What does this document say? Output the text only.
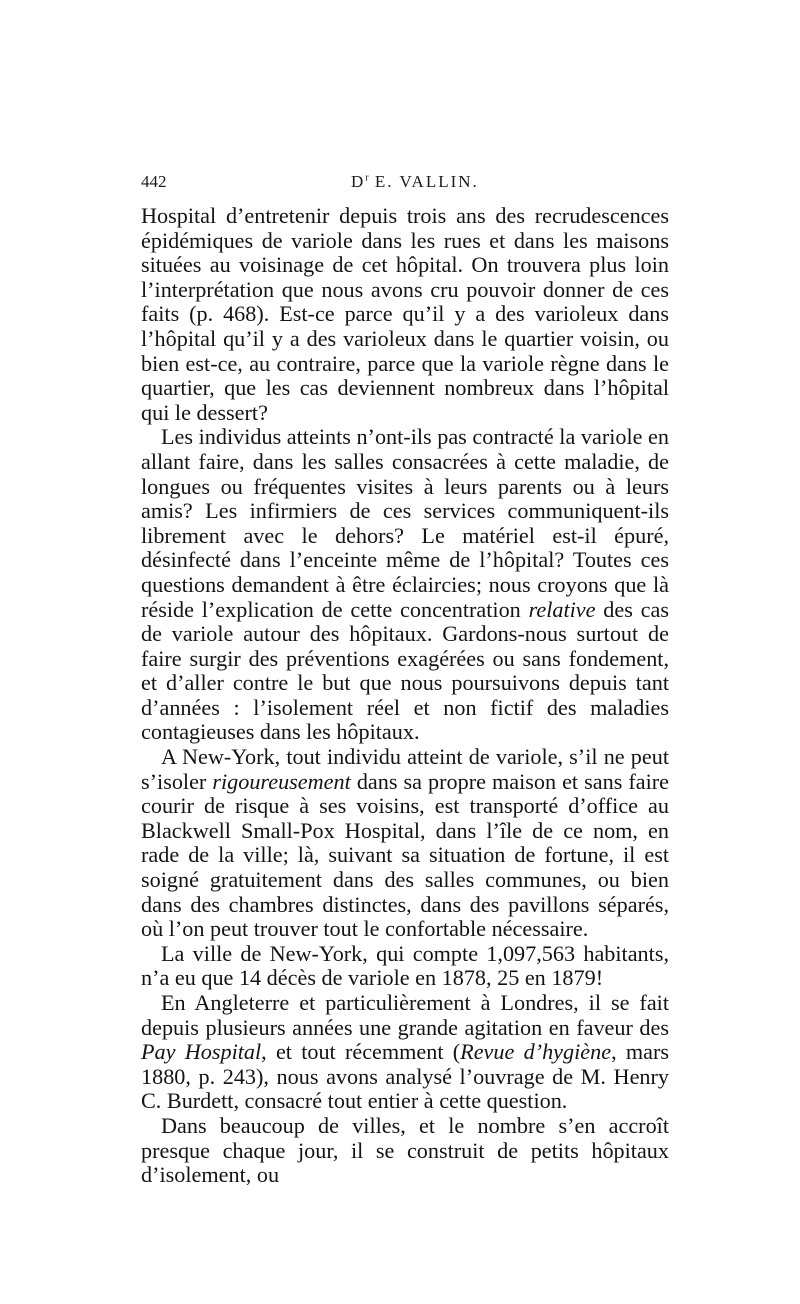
442	$D^r$ E. VALLIN.

Hospital d’entretenir depuis trois ans des recrudescences épidémiques de variole dans les rues et dans les maisons situées au voisinage de cet hôpital. On trouvera plus loin l’interprétation que nous avons cru pouvoir donner de ces faits (p. 468). Est-ce parce qu’il y a des varioleux dans l’hôpital qu’il y a des varioleux dans le quartier voisin, ou bien est-ce, au contraire, parce que la variole règne dans le quartier, que les cas deviennent nombreux dans l’hôpital qui le dessert?

Les individus atteints n’ont-ils pas contracté la variole en allant faire, dans les salles consacrées à cette maladie, de longues ou fréquentes visites à leurs parents ou à leurs amis? Les infirmiers de ces services communiquent-ils librement avec le dehors? Le matériel est-il épuré, désinfecté dans l’enceinte même de l’hôpital? Toutes ces questions demandent à être éclaircies; nous croyons que là réside l’explication de cette concentration relative des cas de variole autour des hôpitaux. Gardons-nous surtout de faire surgir des préventions exagérées ou sans fondement, et d’aller contre le but que nous poursuivons depuis tant d’années : l’isolement réel et non fictif des maladies contagieuses dans les hôpitaux.

A New-York, tout individu atteint de variole, s’il ne peut s’isoler rigoureusement dans sa propre maison et sans faire courir de risque à ses voisins, est transporté d’office au Blackwell Small-Pox Hospital, dans l’île de ce nom, en rade de la ville; là, suivant sa situation de fortune, il est soigné gratuitement dans des salles communes, ou bien dans des chambres distinctes, dans des pavillons séparés, où l’on peut trouver tout le confortable nécessaire.

La ville de New-York, qui compte 1,097,563 habitants, n’a eu que 14 décès de variole en 1878, 25 en 1879!

En Angleterre et particulièrement à Londres, il se fait depuis plusieurs années une grande agitation en faveur des Pay Hospital, et tout récemment (Revue d’hygiène, mars 1880, p. 243), nous avons analysé l’ouvrage de M. Henry C. Burdett, consacré tout entier à cette question.

Dans beaucoup de villes, et le nombre s’en accroît presque chaque jour, il se construit de petits hôpitaux d’isolement, ou
